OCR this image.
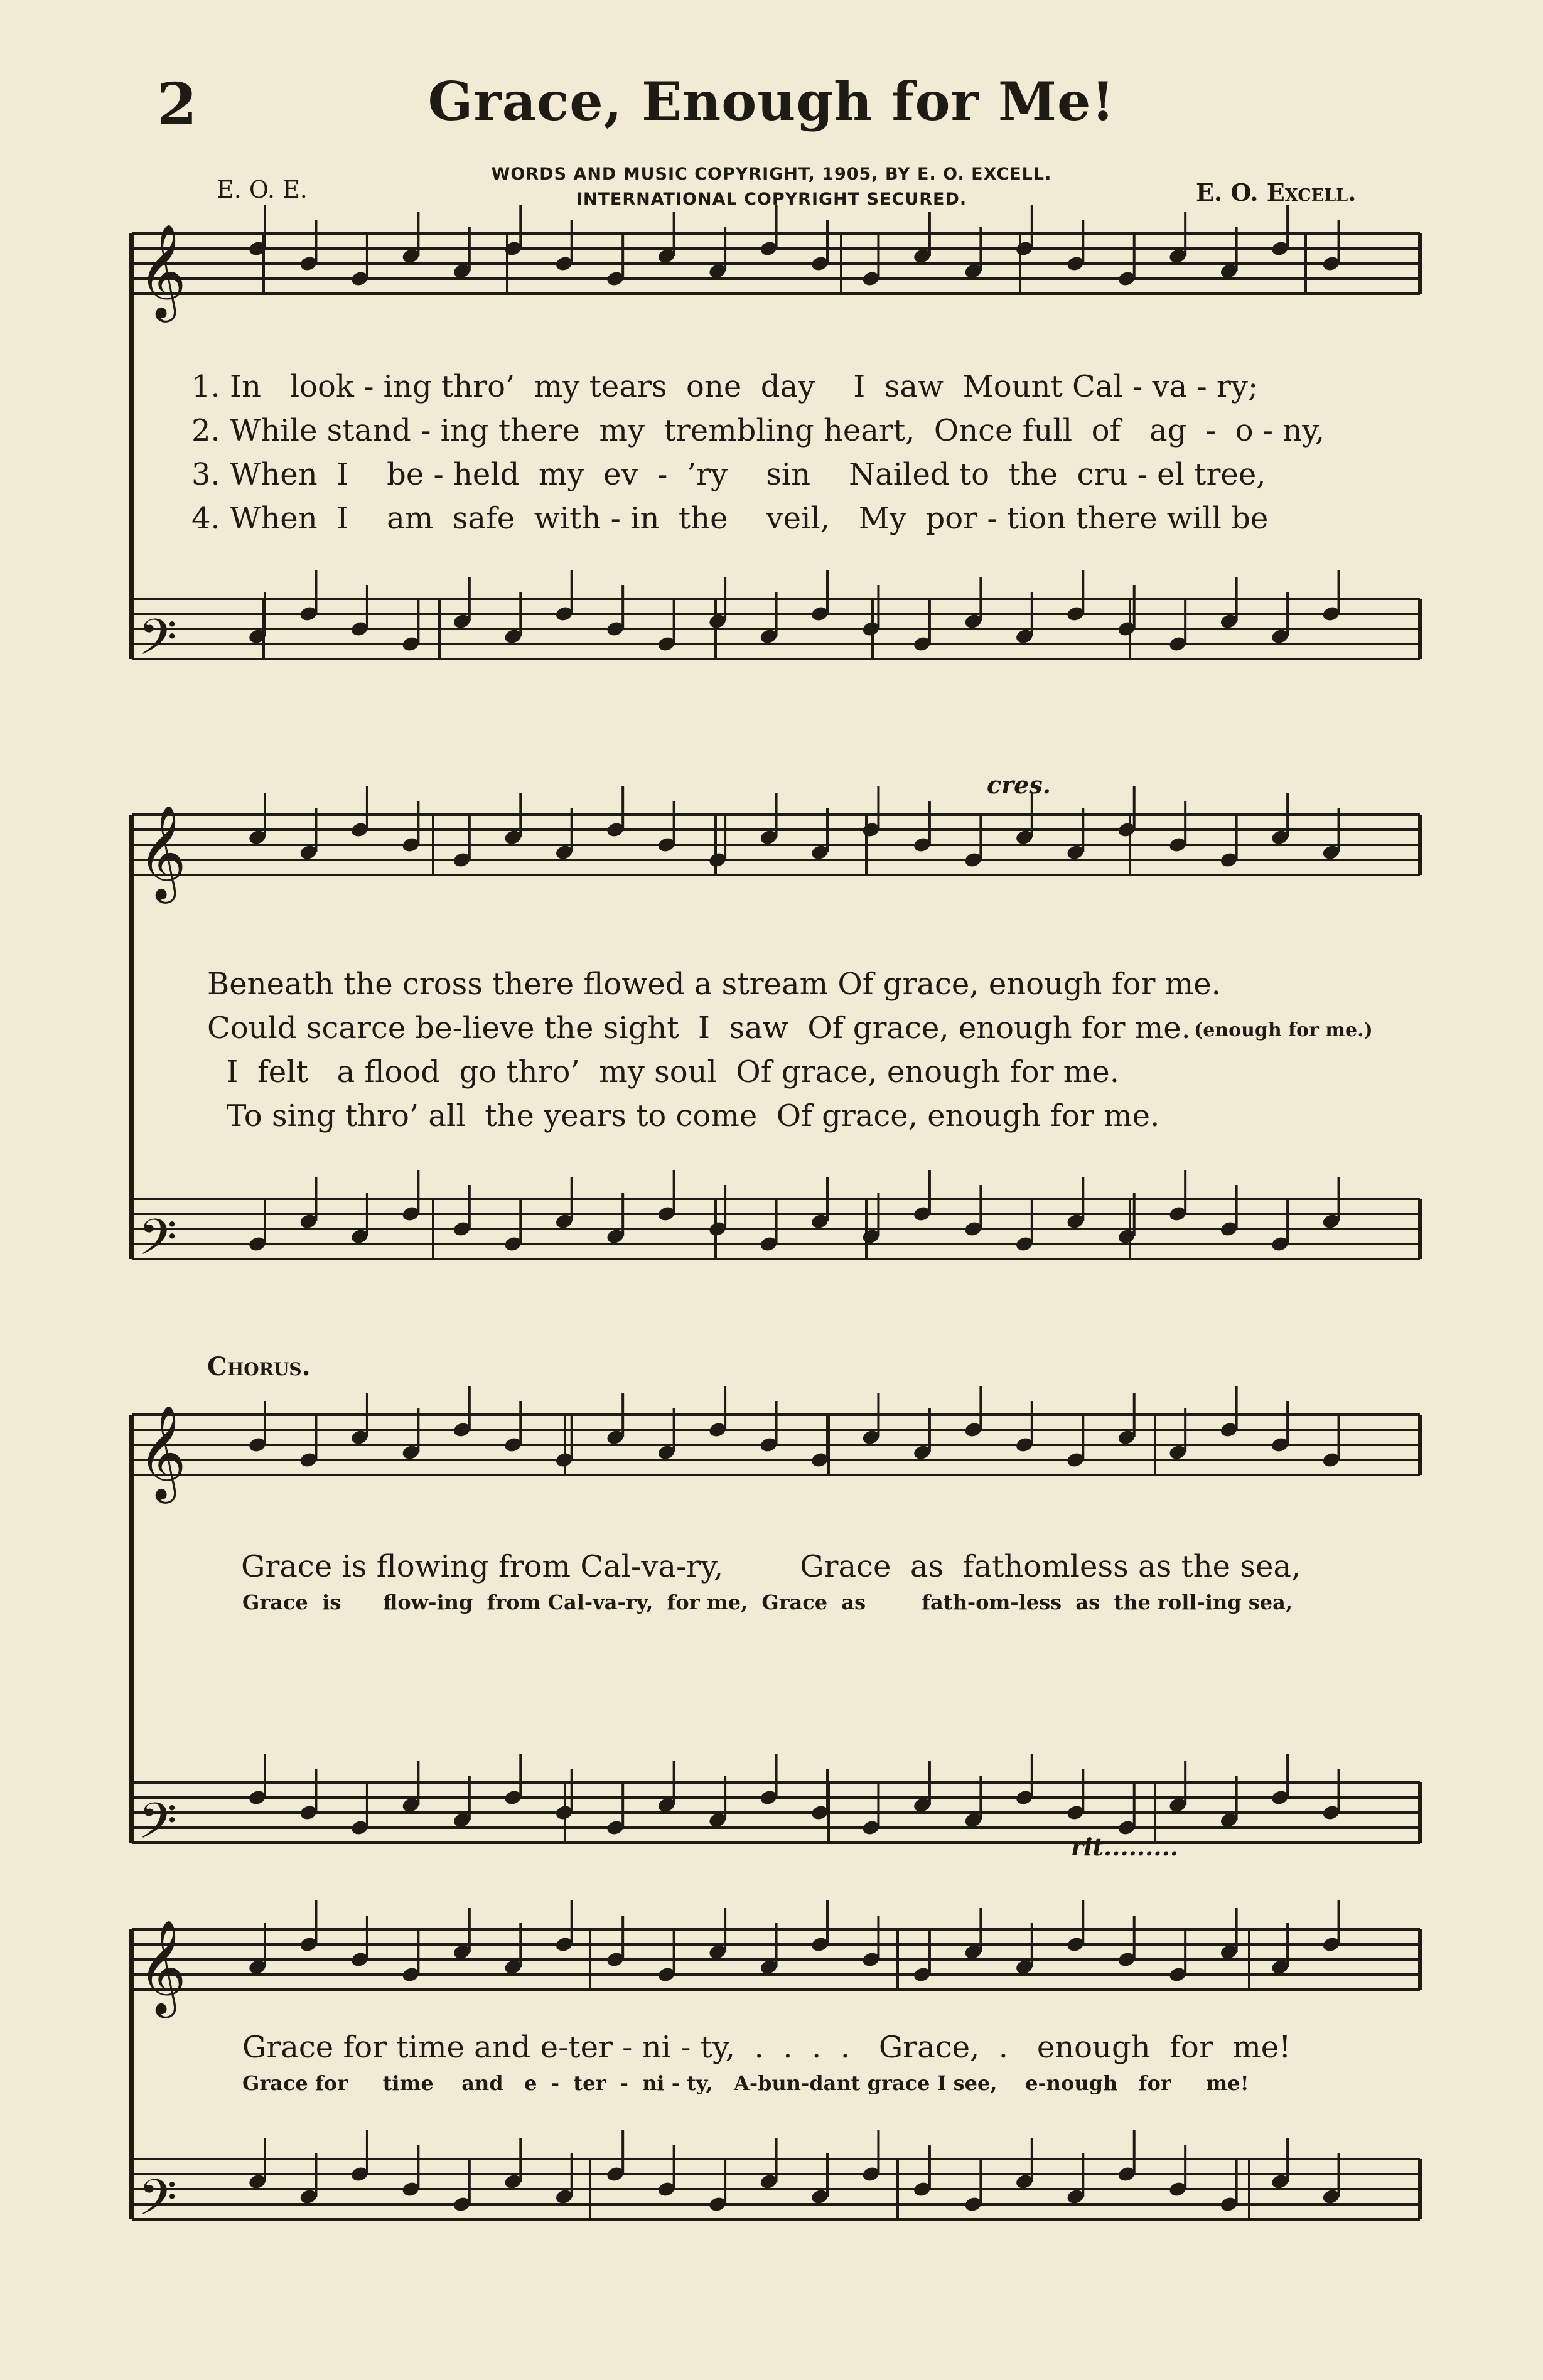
2	Grace, Enough for Me!
WORDS AND MUSIC COPYRIGHT, 1905, BY E. O. EXCELL.
INTERNATIONAL COPYRIGHT SECURED.
E. O. E.	E. O. Excell.
𝄞
𝄢
𝄞
𝄢
𝄞
𝄢
𝄞
𝄢
1. In   look - ing thro’  my tears  one  day    I  saw  Mount Cal - va - ry;
2. While stand - ing there  my  trembling heart,  Once full  of   ag  -  o - ny,
3. When  I    be - held  my  ev  -  ’ry    sin    Nailed to  the  cru - el tree,
4. When  I    am  safe  with - in  the    veil,   My  por - tion there will be
cres.
Beneath the cross there flowed a stream Of grace, enough for me.
Could scarce be-lieve the sight  I  saw  Of grace, enough for me. (enough for me.)
I  felt   a flood  go thro’  my soul  Of grace, enough for me.
To sing thro’ all  the years to come  Of grace, enough for me.
Chorus.
Grace is flowing from Cal-va-ry,        Grace  as  fathomless as the sea,
Grace  is      flow-ing  from Cal-va-ry,  for me,  Grace  as        fath-om-less  as  the roll-ing sea,
rit.........
Grace for time and e-ter - ni - ty,  .  .  .  .   Grace,  .   enough  for  me!
Grace for     time    and   e  -  ter  -  ni - ty,   A-bun-dant grace I see,    e-nough   for     me!
